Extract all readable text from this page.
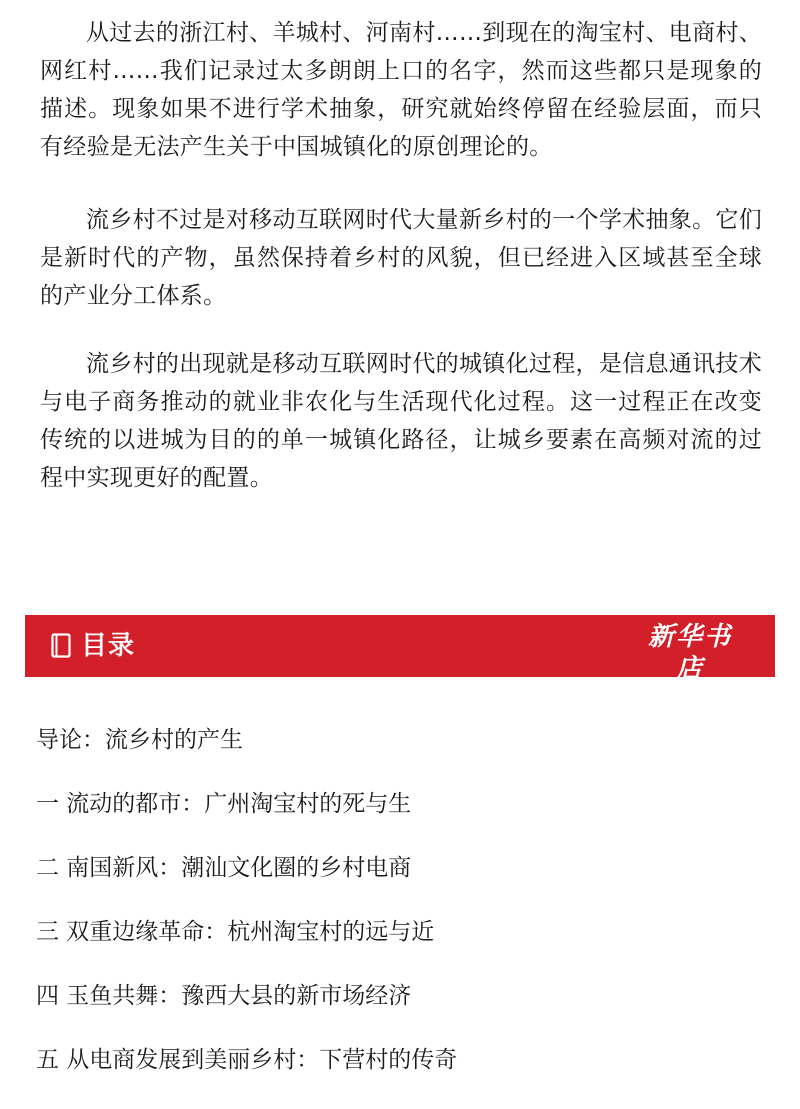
从过去的浙江村、羊城村、河南村……到现在的淘宝村、电商村、网红村……我们记录过太多朗朗上口的名字，然而这些都只是现象的描述。现象如果不进行学术抽象，研究就始终停留在经验层面，而只有经验是无法产生关于中国城镇化的原创理论的。

流乡村不过是对移动互联网时代大量新乡村的一个学术抽象。它们是新时代的产物，虽然保持着乡村的风貌，但已经进入区域甚至全球的产业分工体系。

流乡村的出现就是移动互联网时代的城镇化过程，是信息通讯技术与电子商务推动的就业非农化与生活现代化过程。这一过程正在改变传统的以进城为目的的单一城镇化路径，让城乡要素在高频对流的过程中实现更好的配置。

目录	新华书店
XINHUA BOOKSTORE
导论：流乡村的产生
一 流动的都市：广州淘宝村的死与生
二 南国新风：潮汕文化圈的乡村电商
三 双重边缘革命：杭州淘宝村的远与近
四 玉鱼共舞：豫西大县的新市场经济
五 从电商发展到美丽乡村：下营村的传奇
